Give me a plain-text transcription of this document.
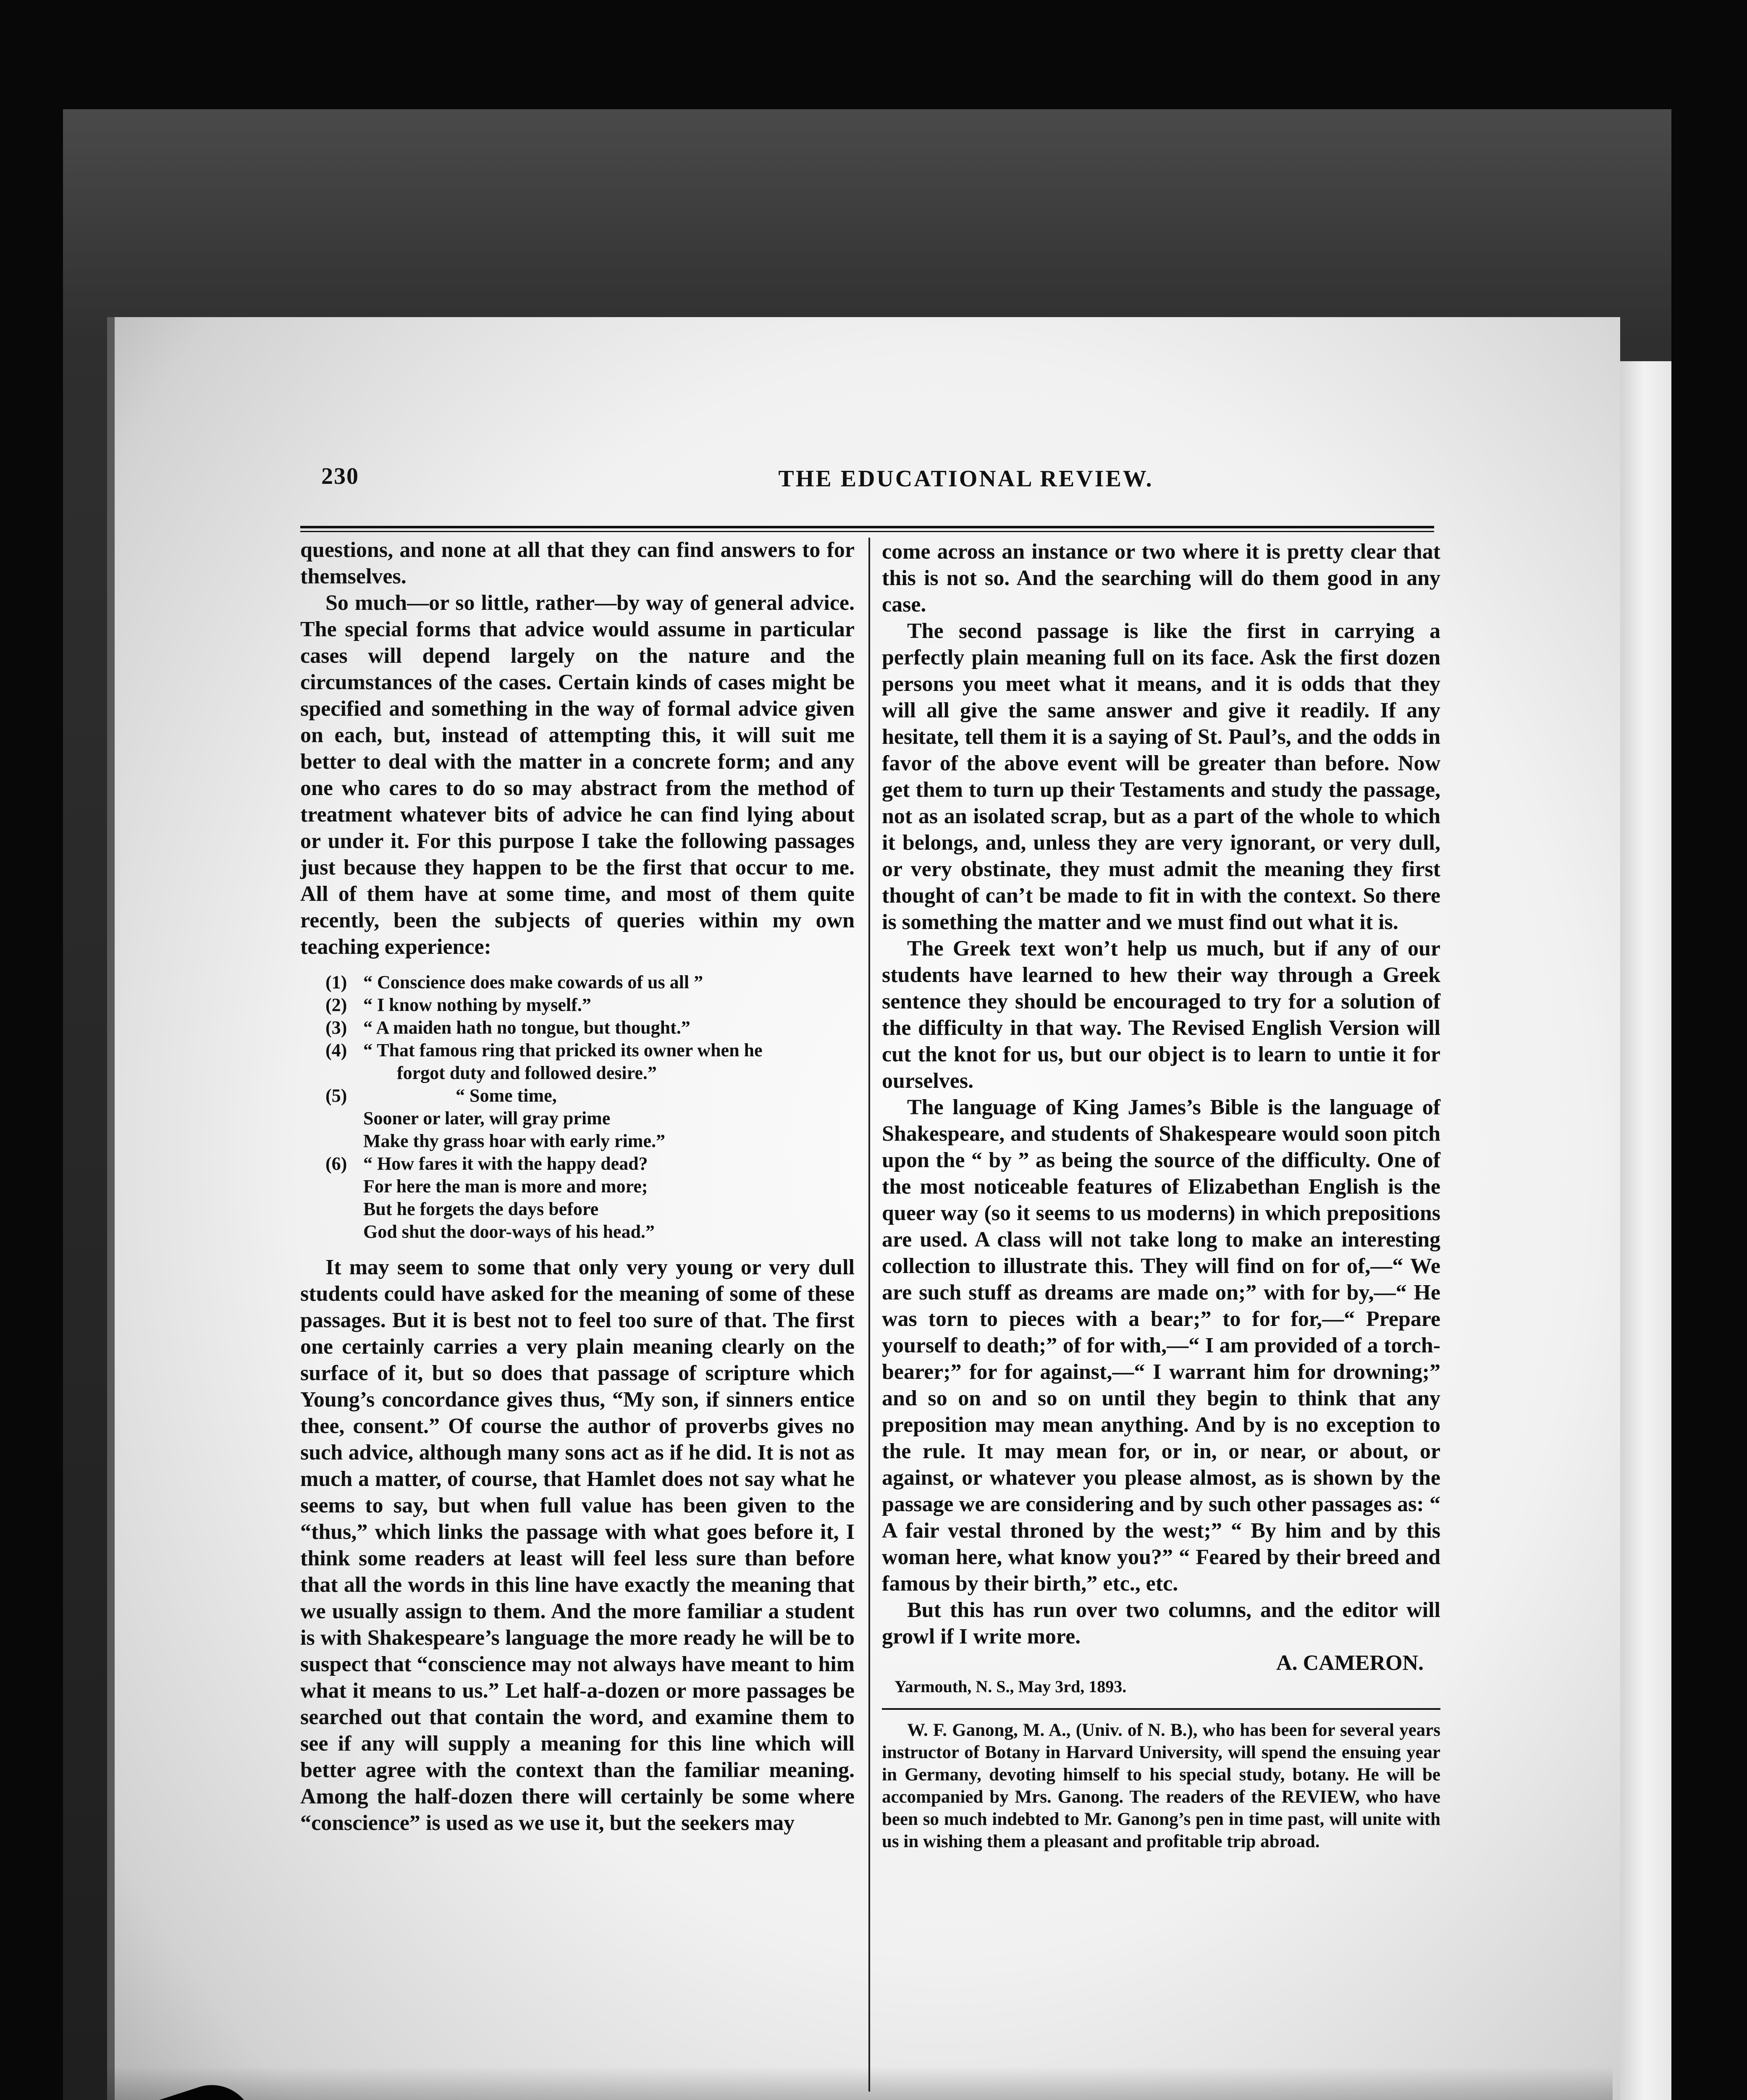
230	THE EDUCATIONAL REVIEW.

questions, and none at all that they can find answers to for themselves.

So much—or so little, rather—by way of general advice. The special forms that advice would assume in particular cases will depend largely on the nature and the circumstances of the cases. Certain kinds of cases might be specified and something in the way of formal advice given on each, but, instead of attempting this, it will suit me better to deal with the matter in a concrete form; and any one who cares to do so may abstract from the method of treatment whatever bits of advice he can find lying about or under it. For this purpose I take the following passages just because they happen to be the first that occur to me. All of them have at some time, and most of them quite recently, been the subjects of queries within my own teaching experience:

(1) “ Conscience does make cowards of us all ”
(2) “ I know nothing by myself.”
(3) “ A maiden hath no tongue, but thought.”
(4) “ That famous ring that pricked its owner when he
forgot duty and followed desire.”
(5)	“ Some time,
Sooner or later, will gray prime
Make thy grass hoar with early rime.”
(6) “ How fares it with the happy dead?
For here the man is more and more;
But he forgets the days before
God shut the door-ways of his head.”

It may seem to some that only very young or very dull students could have asked for the meaning of some of these passages. But it is best not to feel too sure of that. The first one certainly carries a very plain meaning clearly on the surface of it, but so does that passage of scripture which Young’s concordance gives thus, “My son, if sinners entice thee, consent.” Of course the author of proverbs gives no such advice, although many sons act as if he did. It is not as much a matter, of course, that Hamlet does not say what he seems to say, but when full value has been given to the “thus,” which links the passage with what goes before it, I think some readers at least will feel less sure than before that all the words in this line have exactly the meaning that we usually assign to them. And the more familiar a student is with Shakespeare’s language the more ready he will be to suspect that “conscience may not always have meant to him what it means to us.” Let half-a-dozen or more passages be searched out that contain the word, and examine them to see if any will supply a meaning for this line which will better agree with the context than the familiar meaning. Among the half-dozen there will certainly be some where “conscience” is used as we use it, but the seekers may

come across an instance or two where it is pretty clear that this is not so. And the searching will do them good in any case.

The second passage is like the first in carrying a perfectly plain meaning full on its face. Ask the first dozen persons you meet what it means, and it is odds that they will all give the same answer and give it readily. If any hesitate, tell them it is a saying of St. Paul’s, and the odds in favor of the above event will be greater than before. Now get them to turn up their Testaments and study the passage, not as an isolated scrap, but as a part of the whole to which it belongs, and, unless they are very ignorant, or very dull, or very obstinate, they must admit the meaning they first thought of can’t be made to fit in with the context. So there is something the matter and we must find out what it is.

The Greek text won’t help us much, but if any of our students have learned to hew their way through a Greek sentence they should be encouraged to try for a solution of the difficulty in that way. The Revised English Version will cut the knot for us, but our object is to learn to untie it for ourselves.

The language of King James’s Bible is the language of Shakespeare, and students of Shakespeare would soon pitch upon the “ by ” as being the source of the difficulty. One of the most noticeable features of Elizabethan English is the queer way (so it seems to us moderns) in which prepositions are used. A class will not take long to make an interesting collection to illustrate this. They will find on for of,—“ We are such stuff as dreams are made on;” with for by,—“ He was torn to pieces with a bear;” to for for,—“ Prepare yourself to death;” of for with,—“ I am provided of a torch-bearer;” for for against,—“ I warrant him for drowning;” and so on and so on until they begin to think that any preposition may mean anything. And by is no exception to the rule. It may mean for, or in, or near, or about, or against, or whatever you please almost, as is shown by the passage we are considering and by such other passages as: “ A fair vestal throned by the west;” “ By him and by this woman here, what know you?” “ Feared by their breed and famous by their birth,” etc., etc.

But this has run over two columns, and the editor will growl if I write more.

A. CAMERON.

Yarmouth, N. S., May 3rd, 1893.

W. F. Ganong, M. A., (Univ. of N. B.), who has been for several years instructor of Botany in Harvard University, will spend the ensuing year in Germany, devoting himself to his special study, botany. He will be accompanied by Mrs. Ganong. The readers of the REVIEW, who have been so much indebted to Mr. Ganong’s pen in time past, will unite with us in wishing them a pleasant and profitable trip abroad.
